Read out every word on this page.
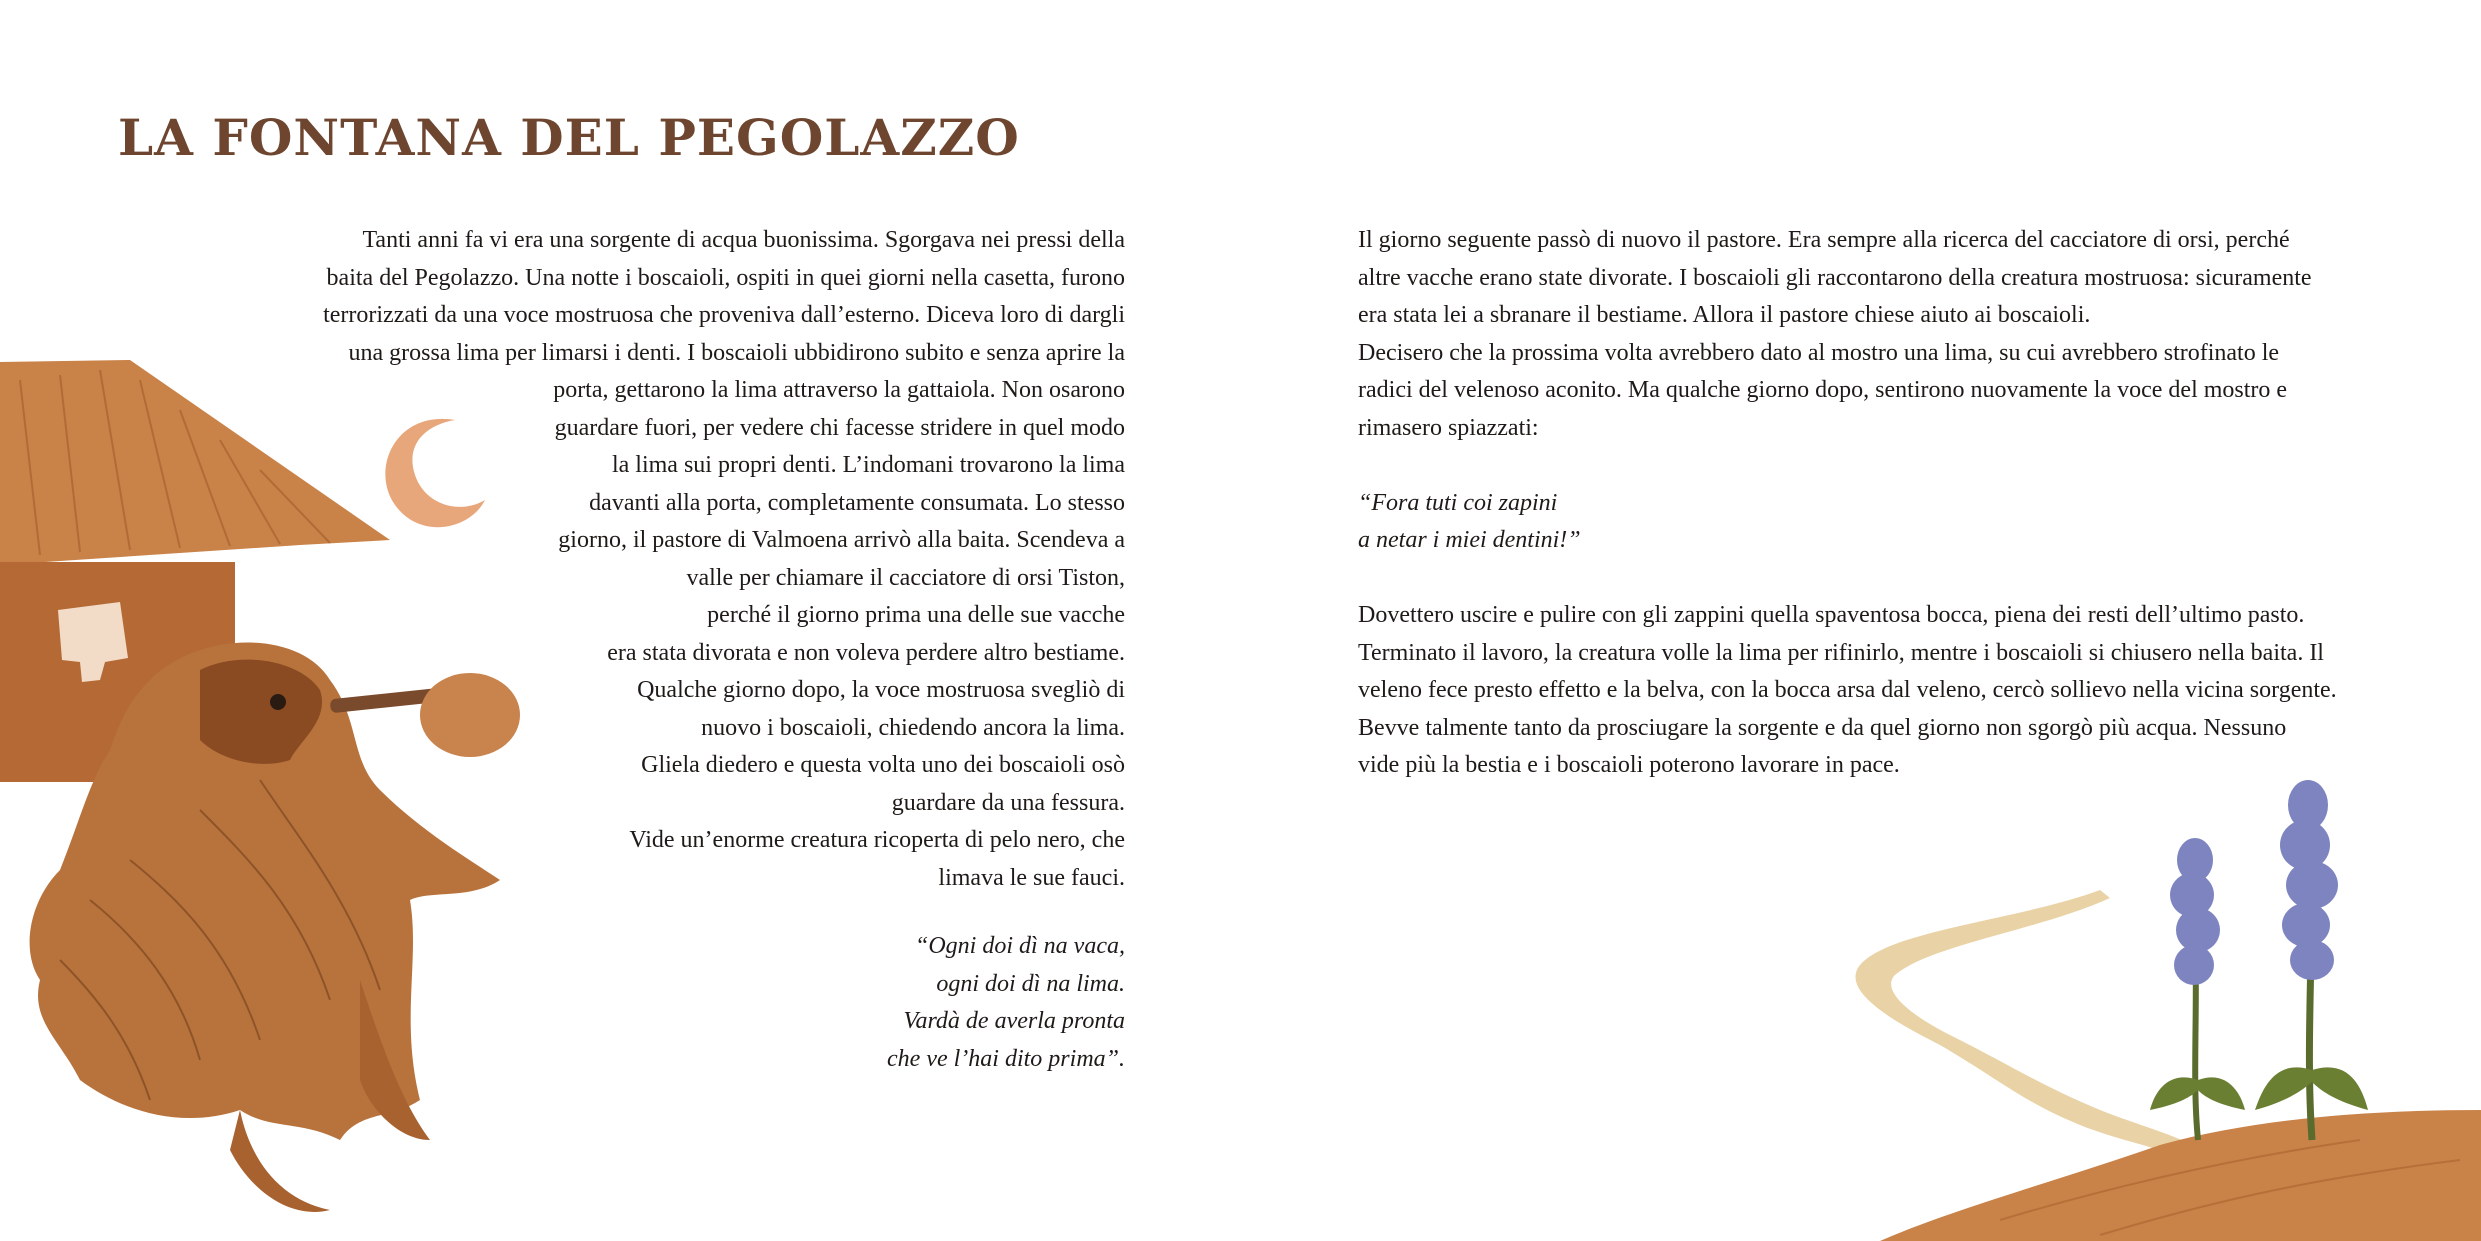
LA FONTANA DEL PEGOLAZZO
Tanti anni fa vi era una sorgente di acqua buonissima. Sgorgava nei pressi della
baita del Pegolazzo. Una notte i boscaioli, ospiti in quei giorni nella casetta, furono
terrorizzati da una voce mostruosa che proveniva dall’esterno. Diceva loro di dargli
una grossa lima per limarsi i denti. I boscaioli ubbidirono subito e senza aprire la
porta, gettarono la lima attraverso la gattaiola. Non osarono
guardare fuori, per vedere chi facesse stridere in quel modo
la lima sui propri denti. L’indomani trovarono la lima
davanti alla porta, completamente consumata. Lo stesso
giorno, il pastore di Valmoena arrivò alla baita. Scendeva a
valle per chiamare il cacciatore di orsi Tiston,
perché il giorno prima una delle sue vacche
era stata divorata e non voleva perdere altro bestiame.
Qualche giorno dopo, la voce mostruosa svegliò di
nuovo i boscaioli, chiedendo ancora la lima.
Gliela diedero e questa volta uno dei boscaioli osò
guardare da una fessura.
Vide un’enorme creatura ricoperta di pelo nero, che
limava le sue fauci.
“Ogni doi dì na vaca,
ogni doi dì na lima.
Vardà de averla pronta
che ve l’hai dito prima”.
Il giorno seguente passò di nuovo il pastore. Era sempre alla ricerca del cacciatore di orsi, perché
altre vacche erano state divorate. I boscaioli gli raccontarono della creatura mostruosa: sicuramente
era stata lei a sbranare il bestiame. Allora il pastore chiese aiuto ai boscaioli.
Decisero che la prossima volta avrebbero dato al mostro una lima, su cui avrebbero strofinato le
radici del velenoso aconito. Ma qualche giorno dopo, sentirono nuovamente la voce del mostro e
rimasero spiazzati:
“Fora tuti coi zapini
a netar i miei dentini!”
Dovettero uscire e pulire con gli zappini quella spaventosa bocca, piena dei resti dell’ultimo pasto.
Terminato il lavoro, la creatura volle la lima per rifinirlo, mentre i boscaioli si chiusero nella baita. Il
veleno fece presto effetto e la belva, con la bocca arsa dal veleno, cercò sollievo nella vicina sorgente.
Bevve talmente tanto da prosciugare la sorgente e da quel giorno non sgorgò più acqua. Nessuno
vide più la bestia e i boscaioli poterono lavorare in pace.
